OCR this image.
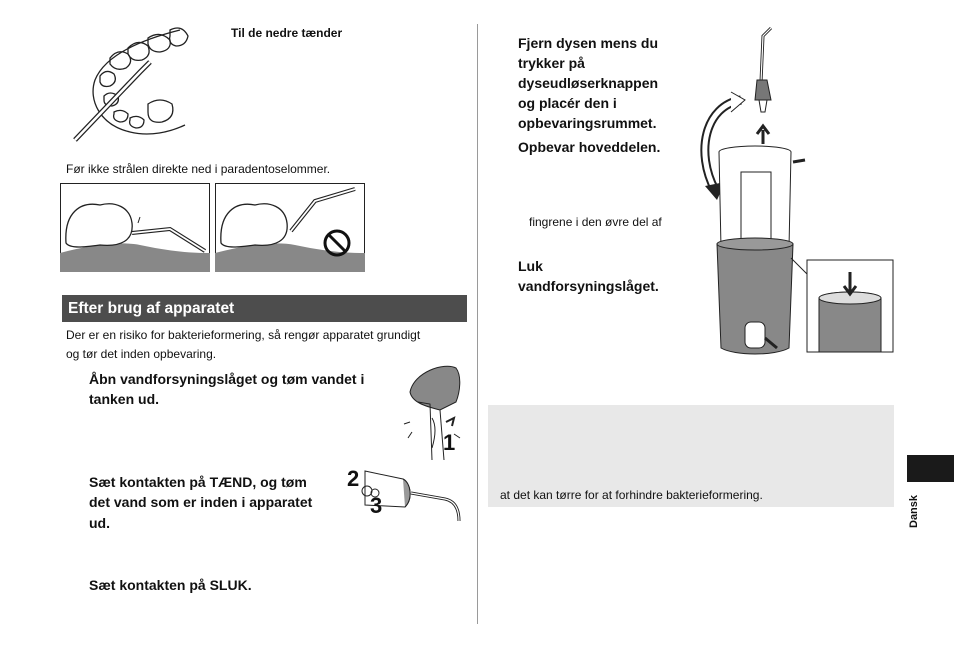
Til de nedre tænder
Før ikke strålen direkte ned i paradentoselommer.
Efter brug af apparatet
Der er en risiko for bakterieformering, så rengør apparatet grundigt
og tør det inden opbevaring.
Åbn vandforsyningslåget og tøm vandet i
tanken ud.
1
Sæt kontakten på TÆND, og tøm
det vand som er inden i apparatet
ud.
2
3
Sæt kontakten på SLUK.
Fjern dysen mens du
trykker på
dyseudløserknappen
og placér den i
opbevaringsrummet.
Opbevar hoveddelen.
fingrene i den øvre del af
Luk
vandforsyningslåget.
at det kan tørre for at forhindre bakterieformering.	Dansk
